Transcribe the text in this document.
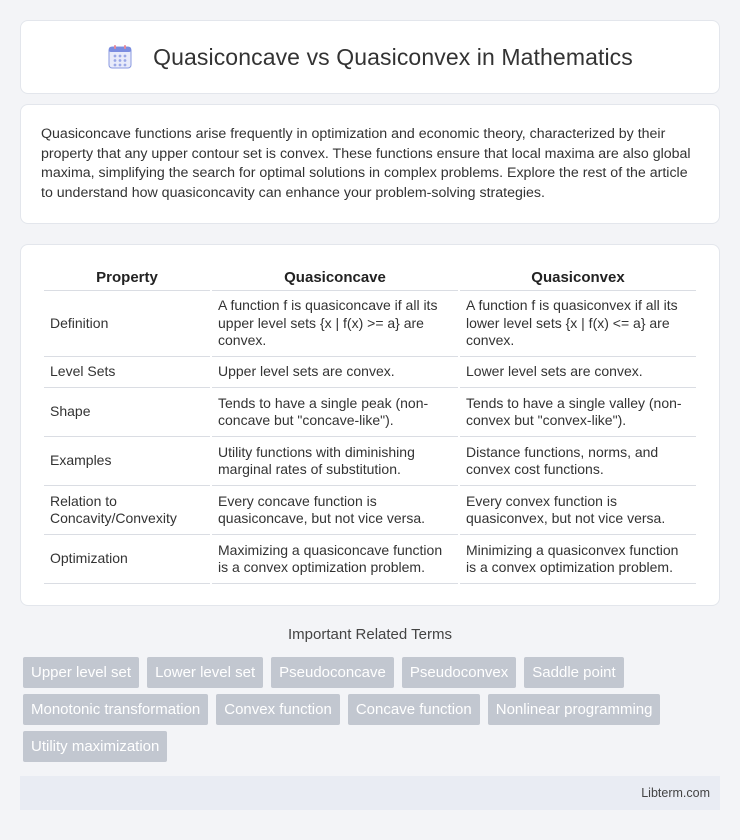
Quasiconcave vs Quasiconvex in Mathematics

Quasiconcave functions arise frequently in optimization and economic theory, characterized by their property that any upper contour set is convex. These functions ensure that local maxima are also global maxima, simplifying the search for optimal solutions in complex problems. Explore the rest of the article to understand how quasiconcavity can enhance your problem-solving strategies.

Property	Quasiconcave	Quasiconvex
Definition	A function f is quasiconcave if all its upper level sets {x | f(x) >= a} are convex.	A function f is quasiconvex if all its lower level sets {x | f(x) <= a} are convex.
Level Sets	Upper level sets are convex.	Lower level sets are convex.
Shape	Tends to have a single peak (non-concave but "concave-like").	Tends to have a single valley (non-convex but "convex-like").
Examples	Utility functions with diminishing marginal rates of substitution.	Distance functions, norms, and convex cost functions.
Relation to Concavity/Convexity	Every concave function is quasiconcave, but not vice versa.	Every convex function is quasiconvex, but not vice versa.
Optimization	Maximizing a quasiconcave function is a convex optimization problem.	Minimizing a quasiconvex function is a convex optimization problem.
Important Related Terms
Upper level set	Lower level set	Pseudoconcave	Pseudoconvex	Saddle point
Monotonic transformation	Convex function	Concave function	Nonlinear programming
Utility maximization
Libterm.com
